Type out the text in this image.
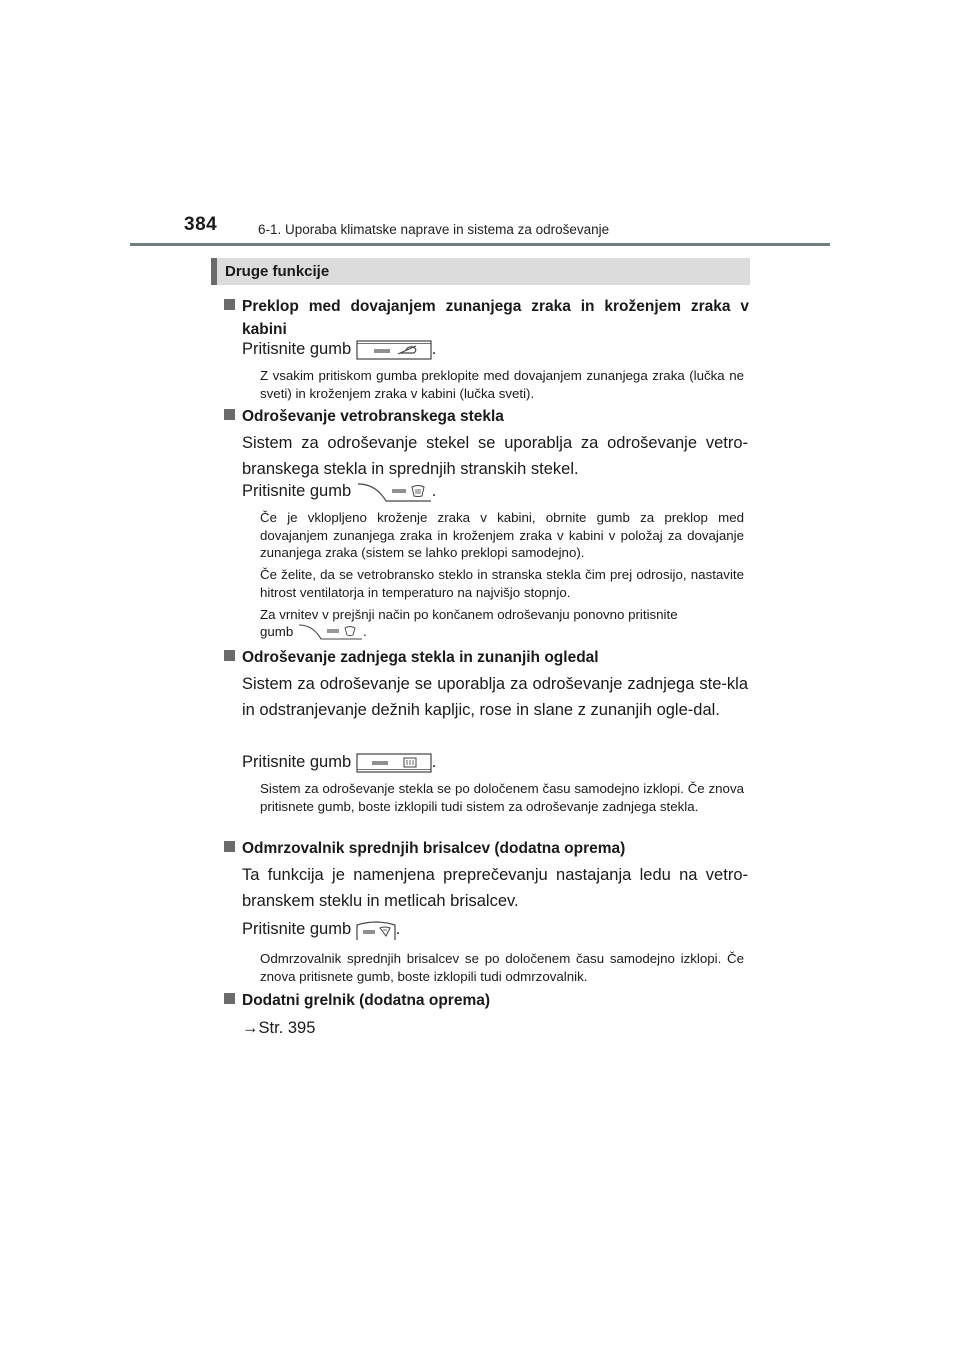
384	6-1. Uporaba klimatske naprave in sistema za odroševanje
Druge funkcije
Preklop med dovajanjem zunanjega zraka in kroženjem zraka v kabini
Pritisnite gumb	.
Z vsakim pritiskom gumba preklopite med dovajanjem zunanjega zraka (lučka ne sveti) in kroženjem zraka v kabini (lučka sveti).
Odroševanje vetrobranskega stekla
Sistem za odroševanje stekel se uporablja za odroševanje vetro-branskega stekla in sprednjih stranskih stekel.
Pritisnite gumb	.
Če je vklopljeno kroženje zraka v kabini, obrnite gumb za preklop med dovajanjem zunanjega zraka in kroženjem zraka v kabini v položaj za dovajanje zunanjega zraka (sistem se lahko preklopi samodejno).
Če želite, da se vetrobransko steklo in stranska stekla čim prej odrosijo, nastavite hitrost ventilatorja in temperaturo na najvišjo stopnjo.
Za vrnitev v prejšnji način po končanem odroševanju ponovno pritisnite
gumb	.
Odroševanje zadnjega stekla in zunanjih ogledal
Sistem za odroševanje se uporablja za odroševanje zadnjega ste-kla in odstranjevanje dežnih kapljic, rose in slane z zunanjih ogle-dal.
Pritisnite gumb	.
Sistem za odroševanje stekla se po določenem času samodejno izklopi. Če znova pritisnete gumb, boste izklopili tudi sistem za odroševanje zadnjega stekla.
Odmrzovalnik sprednjih brisalcev (dodatna oprema)
Ta funkcija je namenjena preprečevanju nastajanja ledu na vetro-branskem steklu in metlicah brisalcev.
Pritisnite gumb	.
Odmrzovalnik sprednjih brisalcev se po določenem času samodejno izklopi. Če znova pritisnete gumb, boste izklopili tudi odmrzovalnik.
Dodatni grelnik (dodatna oprema)
→Str. 395
